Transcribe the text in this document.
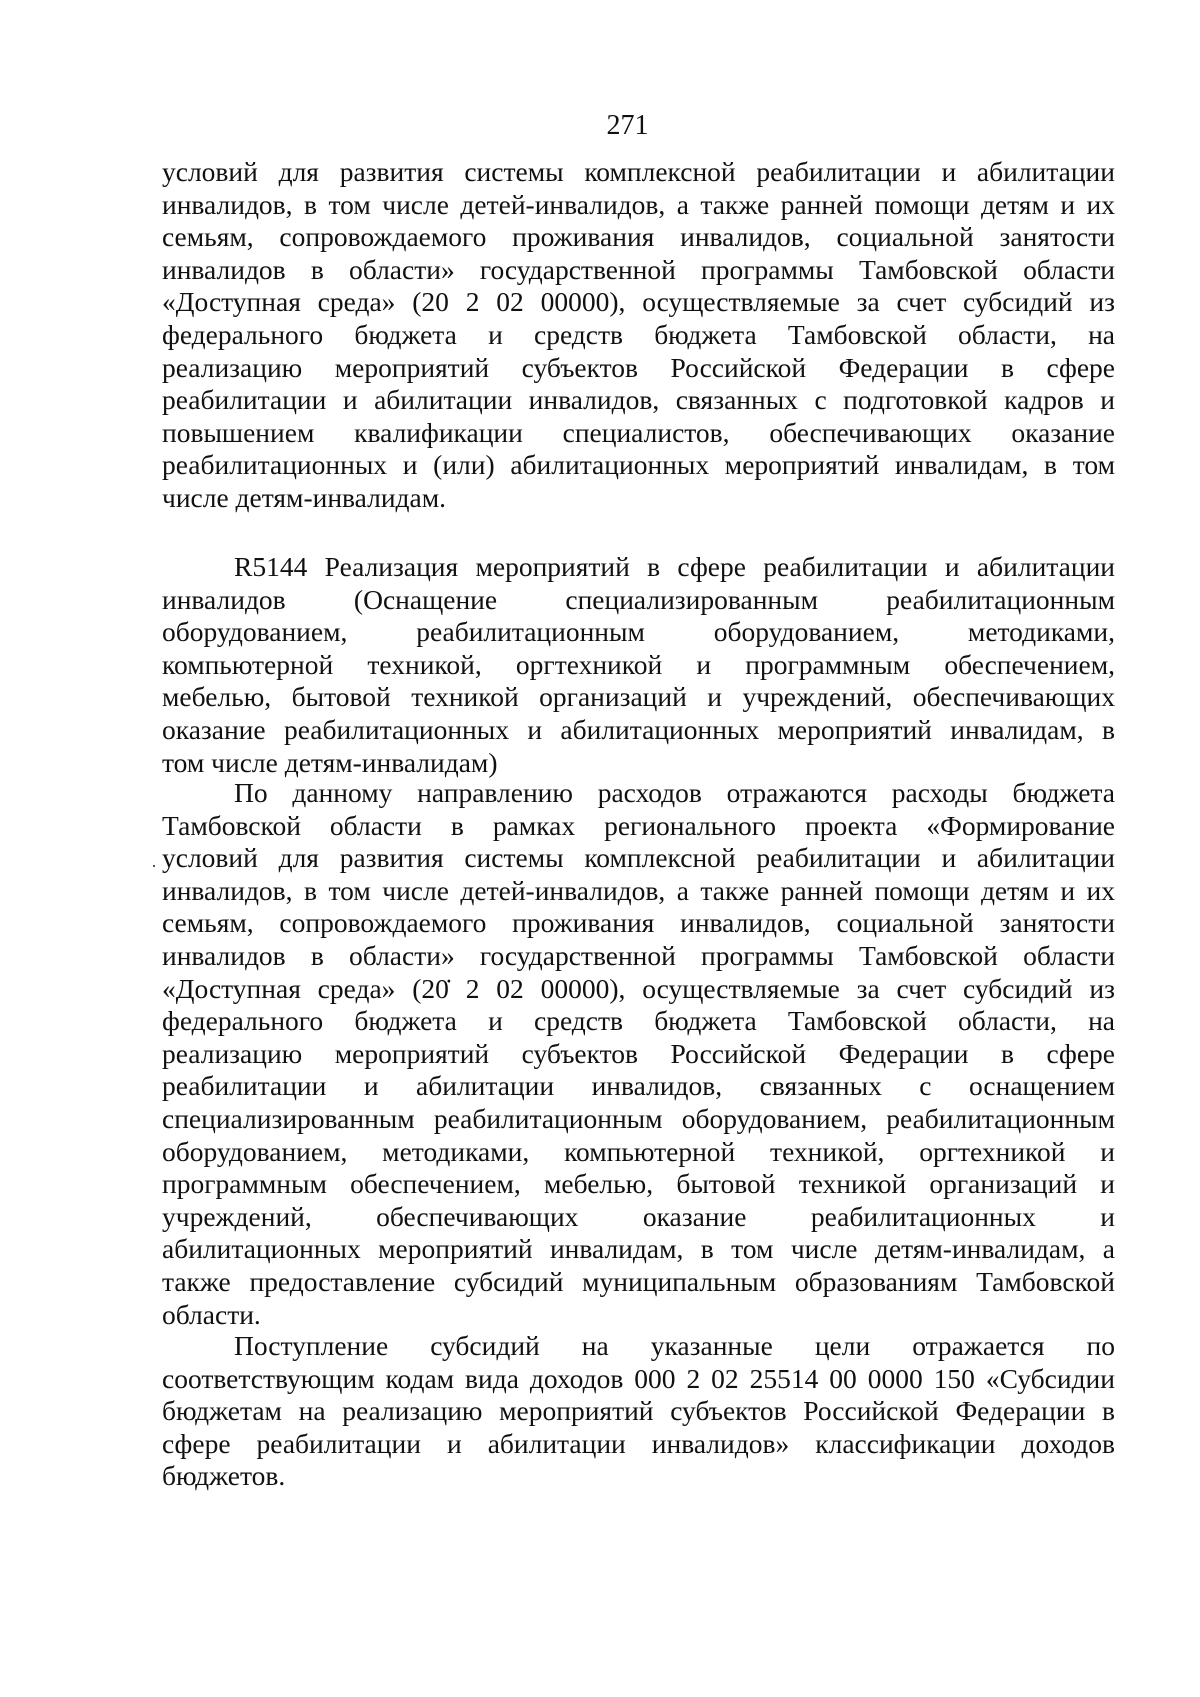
271
условий для развития системы комплексной реабилитации и абилитации
инвалидов, в том числе детей-инвалидов, а также ранней помощи детям и их
семьям, сопровождаемого проживания инвалидов, социальной занятости
инвалидов в области» государственной программы Тамбовской области
«Доступная среда» (20 2 02 00000), осуществляемые за счет субсидий из
федерального бюджета и средств бюджета Тамбовской области, на
реализацию мероприятий субъектов Российской Федерации в сфере
реабилитации и абилитации инвалидов, связанных с подготовкой кадров и
повышением квалификации специалистов, обеспечивающих оказание
реабилитационных и (или) абилитационных мероприятий инвалидам, в том
числе детям-инвалидам.
R5144 Реализация мероприятий в сфере реабилитации и абилитации
инвалидов (Оснащение специализированным реабилитационным
оборудованием, реабилитационным оборудованием, методиками,
компьютерной техникой, оргтехникой и программным обеспечением,
мебелью, бытовой техникой организаций и учреждений, обеспечивающих
оказание реабилитационных и абилитационных мероприятий инвалидам, в
том числе детям-инвалидам)
По данному направлению расходов отражаются расходы бюджета
Тамбовской области в рамках регионального проекта «Формирование
условий для развития системы комплексной реабилитации и абилитации
инвалидов, в том числе детей-инвалидов, а также ранней помощи детям и их
семьям, сопровождаемого проживания инвалидов, социальной занятости
инвалидов в области» государственной программы Тамбовской области
«Доступная среда» (20̇ 2 02 00000), осуществляемые за счет субсидий из
федерального бюджета и средств бюджета Тамбовской области, на
реализацию мероприятий субъектов Российской Федерации в сфере
реабилитации и абилитации инвалидов, связанных с оснащением
специализированным реабилитационным оборудованием, реабилитационным
оборудованием, методиками, компьютерной техникой, оргтехникой и
программным обеспечением, мебелью, бытовой техникой организаций и
учреждений, обеспечивающих оказание реабилитационных и
абилитационных мероприятий инвалидам, в том числе детям-инвалидам, а
также предоставление субсидий муниципальным образованиям Тамбовской
области.
Поступление субсидий на указанные цели отражается по
соответствующим кодам вида доходов 000 2 02 25514 00 0000 150 «Субсидии
бюджетам на реализацию мероприятий субъектов Российской Федерации в
сфере реабилитации и абилитации инвалидов» классификации доходов
бюджетов.
